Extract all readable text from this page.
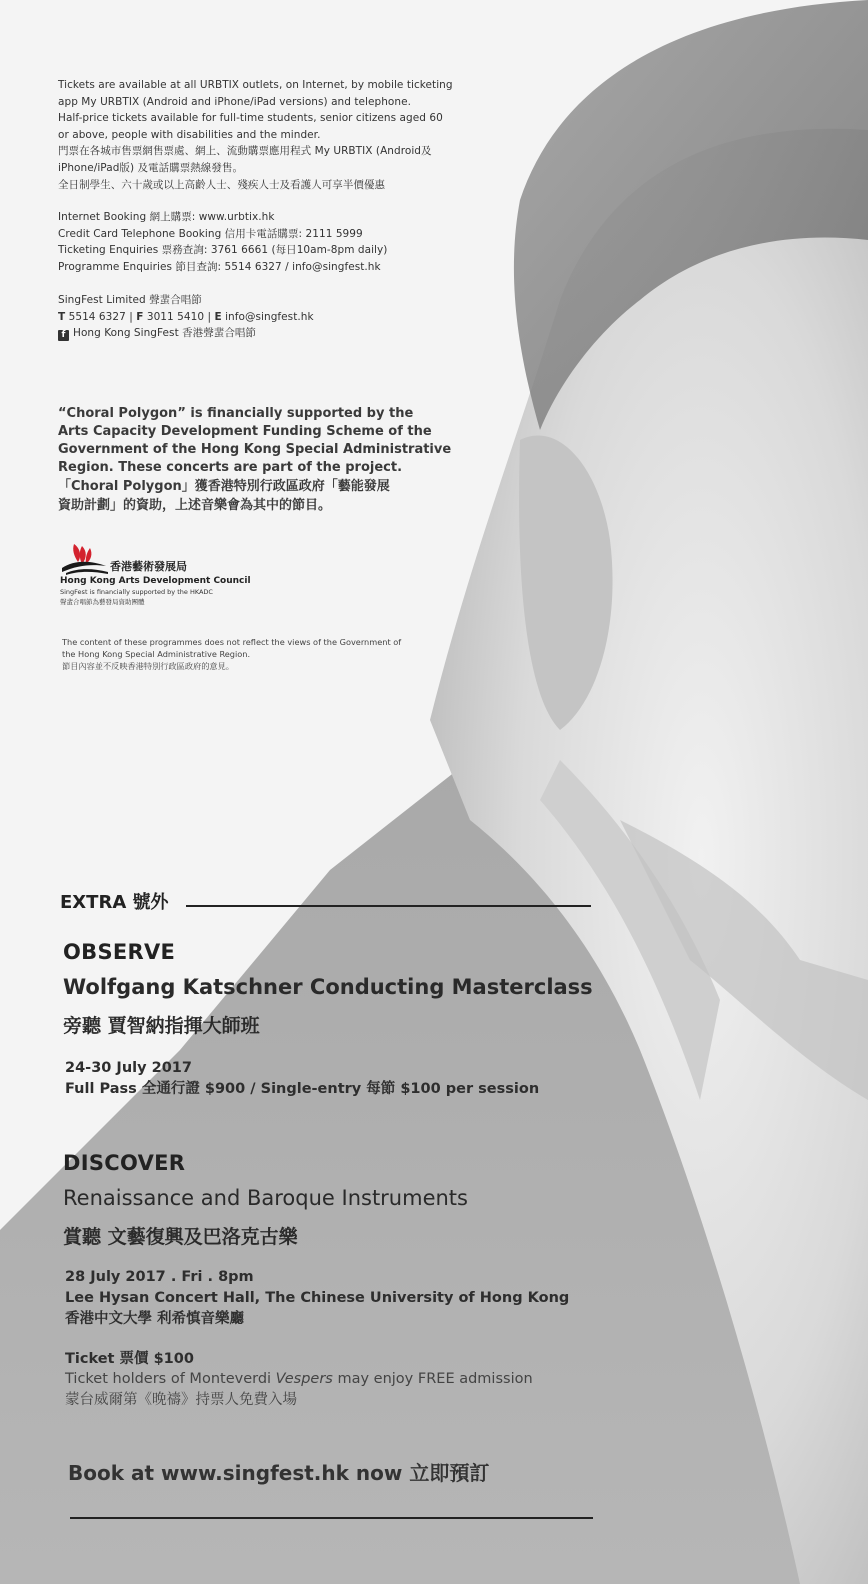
Tickets are available at all URBTIX outlets, on Internet, by mobile ticketing
app My URBTIX (Android and iPhone/iPad versions) and telephone.
Half-price tickets available for full-time students, senior citizens aged 60
or above, people with disabilities and the minder.
門票在各城市售票網售票處、網上、流動購票應用程式 My URBTIX (Android及
iPhone/iPad版) 及電話購票熱線發售。
全日制學生、六十歲或以上高齡人士、殘疾人士及看護人可享半價優惠
Internet Booking 網上購票: www.urbtix.hk
Credit Card Telephone Booking 信用卡電話購票: 2111 5999
Ticketing Enquiries 票務查詢: 3761 6661 (每日10am-8pm daily)
Programme Enquiries 節目查詢: 5514 6327 / info@singfest.hk
SingFest Limited 聲蜚合唱節
T 5514 6327 | F 3011 5410 | E info@singfest.hk
f Hong Kong SingFest 香港聲蜚合唱節
“Choral Polygon” is financially supported by the
Arts Capacity Development Funding Scheme of the
Government of the Hong Kong Special Administrative
Region. These concerts are part of the project.
「Choral Polygon」獲香港特別行政區政府「藝能發展
資助計劃」的資助，上述音樂會為其中的節目。
香港藝術發展局
Hong Kong Arts Development Council
SingFest is financially supported by the HKADC
聲蜚合唱節為藝發局資助團體
The content of these programmes does not reflect the views of the Government of
the Hong Kong Special Administrative Region.
節目內容並不反映香港特別行政區政府的意見。
EXTRA 號外
OBSERVE
Wolfgang Katschner Conducting Masterclass
旁聽 賈智納指揮大師班
24-30 July 2017
Full Pass 全通行證 $900 / Single-entry 每節 $100 per session
DISCOVER
Renaissance and Baroque Instruments
賞聽 文藝復興及巴洛克古樂
28 July 2017 . Fri . 8pm
Lee Hysan Concert Hall, The Chinese University of Hong Kong
香港中文大學 利希慎音樂廳
Ticket 票價 $100
Ticket holders of Monteverdi Vespers may enjoy FREE admission
蒙台威爾第《晚禱》持票人免費入場
Book at www.singfest.hk now 立即預訂
